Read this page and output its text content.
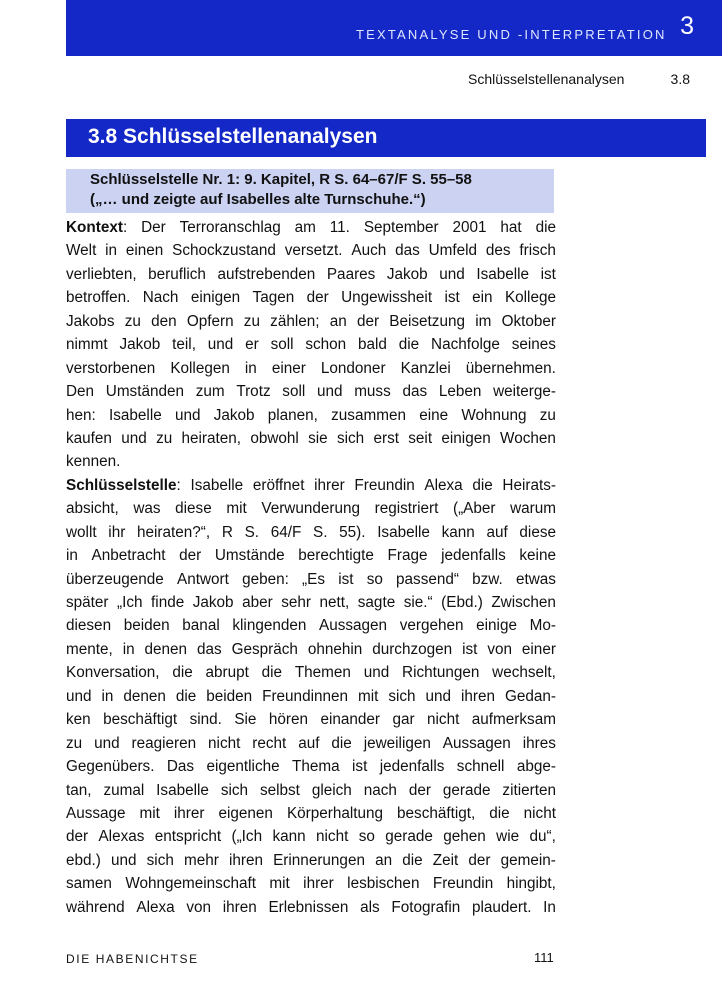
TEXTANALYSE UND -INTERPRETATION 3
Schlüsselstellenanalysen	3.8
3.8 Schlüsselstellenanalysen
Schlüsselstelle Nr. 1: 9. Kapitel, R S. 64–67/F S. 55–58
(„… und zeigte auf Isabelles alte Turnschuhe.“)
Kontext: Der Terroranschlag am 11. September 2001 hat die
Welt in einen Schockzustand versetzt. Auch das Umfeld des frisch
verliebten, beruflich aufstrebenden Paares Jakob und Isabelle ist
betroffen. Nach einigen Tagen der Ungewissheit ist ein Kollege
Jakobs zu den Opfern zu zählen; an der Beisetzung im Oktober
nimmt Jakob teil, und er soll schon bald die Nachfolge seines
verstorbenen Kollegen in einer Londoner Kanzlei übernehmen.
Den Umständen zum Trotz soll und muss das Leben weiterge-
hen: Isabelle und Jakob planen, zusammen eine Wohnung zu
kaufen und zu heiraten, obwohl sie sich erst seit einigen Wochen
kennen.
Schlüsselstelle: Isabelle eröffnet ihrer Freundin Alexa die Heirats-
absicht, was diese mit Verwunderung registriert („Aber warum
wollt ihr heiraten?“, R S. 64/F S. 55). Isabelle kann auf diese
in Anbetracht der Umstände berechtigte Frage jedenfalls keine
überzeugende Antwort geben: „Es ist so passend“ bzw. etwas
später „Ich finde Jakob aber sehr nett, sagte sie.“ (Ebd.) Zwischen
diesen beiden banal klingenden Aussagen vergehen einige Mo-
mente, in denen das Gespräch ohnehin durchzogen ist von einer
Konversation, die abrupt die Themen und Richtungen wechselt,
und in denen die beiden Freundinnen mit sich und ihren Gedan-
ken beschäftigt sind. Sie hören einander gar nicht aufmerksam
zu und reagieren nicht recht auf die jeweiligen Aussagen ihres
Gegenübers. Das eigentliche Thema ist jedenfalls schnell abge-
tan, zumal Isabelle sich selbst gleich nach der gerade zitierten
Aussage mit ihrer eigenen Körperhaltung beschäftigt, die nicht
der Alexas entspricht („Ich kann nicht so gerade gehen wie du“,
ebd.) und sich mehr ihren Erinnerungen an die Zeit der gemein-
samen Wohngemeinschaft mit ihrer lesbischen Freundin hingibt,
während Alexa von ihren Erlebnissen als Fotografin plaudert. In
DIE HABENICHTSE	111
